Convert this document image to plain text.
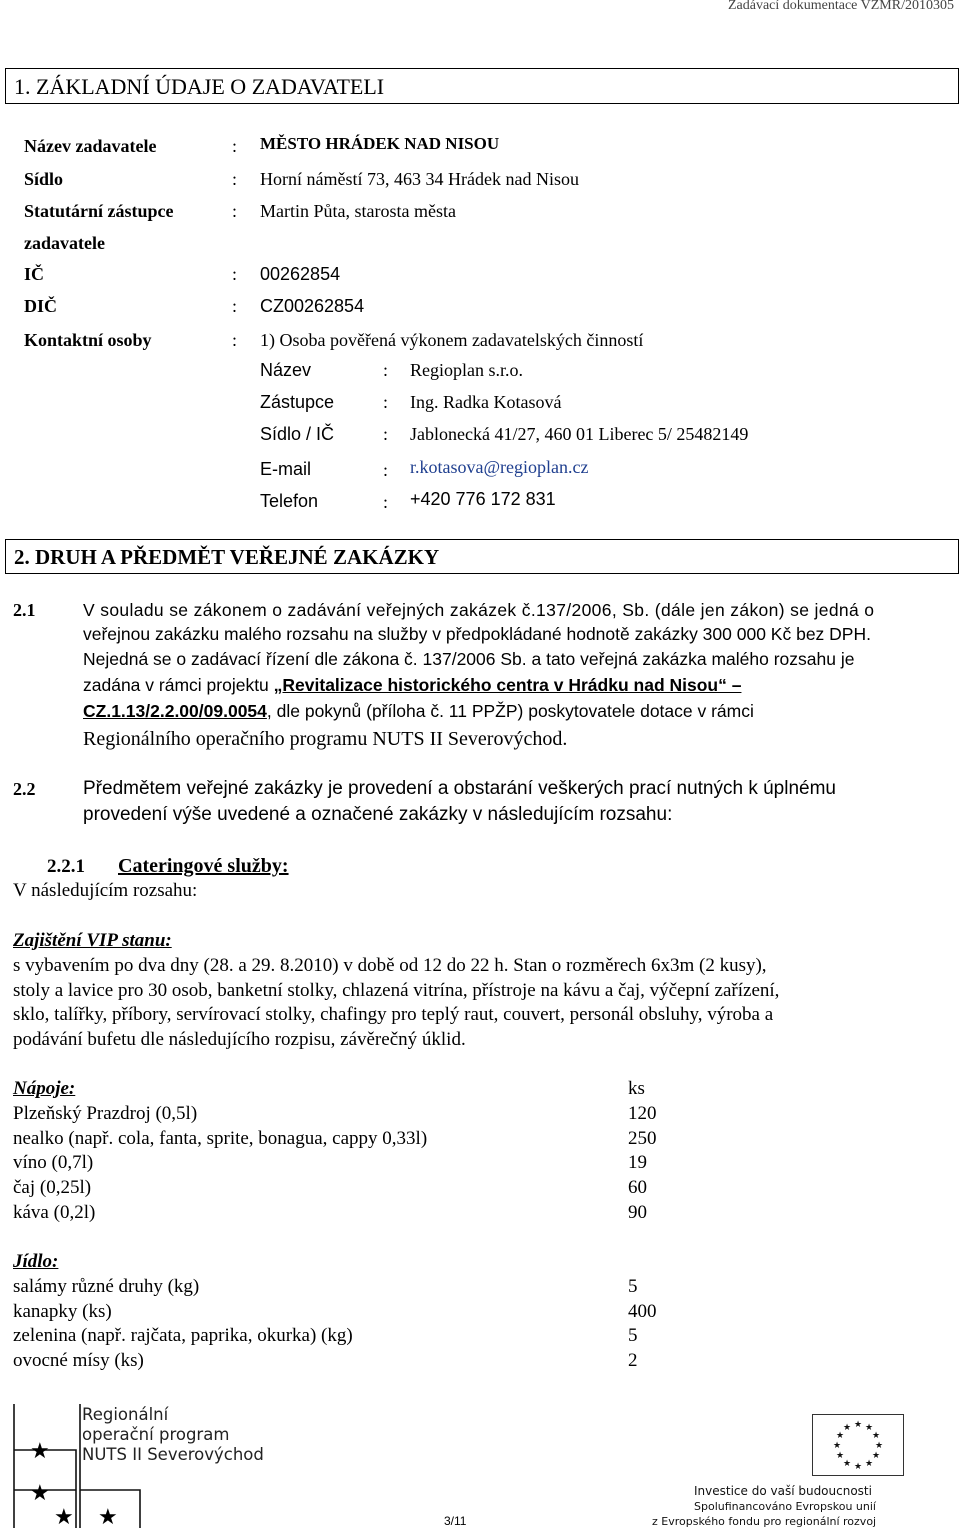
Zadávací dokumentace VZMR/2010305
1. ZÁKLADNÍ ÚDAJE O ZADAVATELI
Název zadavatele	: MĚSTO HRÁDEK NAD NISOU
Sídlo	: Horní náměstí 73, 463 34 Hrádek nad Nisou
Statutární zástupce	: Martin Půta, starosta města
zadavatele
IČ	: 00262854
DIČ	: CZ00262854
Kontaktní osoby	: 1) Osoba pověřená výkonem zadavatelských činností
Název	: Regioplan s.r.o.
Zástupce	: Ing. Radka Kotasová
Sídlo / IČ	: Jablonecká 41/27, 460 01 Liberec 5/ 25482149
E-mail	: r.kotasova@regioplan.cz
Telefon	: +420 776 172 831
2. DRUH A PŘEDMĚT VEŘEJNÉ ZAKÁZKY
2.1	V souladu se zákonem o zadávání veřejných zakázek č.137/2006, Sb. (dále jen zákon) se jedná o
veřejnou zakázku malého rozsahu na služby v předpokládané hodnotě zakázky 300 000 Kč bez DPH.
Nejedná se o zadávací řízení dle zákona č. 137/2006 Sb. a tato veřejná zakázka malého rozsahu je
zadána v rámci projektu „Revitalizace historického centra v Hrádku nad Nisou“ –
CZ.1.13/2.2.00/09.0054, dle pokynů (příloha č. 11 PPŽP) poskytovatele dotace v rámci
Regionálního operačního programu NUTS II Severovýchod.
2.2	Předmětem veřejné zakázky je provedení a obstarání veškerých prací nutných k úplnému
provedení výše uvedené a označené zakázky v následujícím rozsahu:
2.2.1 Cateringové služby:
V následujícím rozsahu:
Zajištění VIP stanu:
s vybavením po dva dny (28. a 29. 8.2010) v době od 12 do 22 h. Stan o rozměrech 6x3m (2 kusy),
stoly a lavice pro 30 osob, banketní stolky, chlazená vitrína, přístroje na kávu a čaj, výčepní zařízení,
sklo, talířky, příbory, servírovací stolky, chafingy pro teplý raut, couvert, personál obsluhy, výroba a
podávání bufetu dle následujícího rozpisu, závěrečný úklid.
Nápoje:	ks
Plzeňský Prazdroj (0,5l)	120
nealko (např. cola, fanta, sprite, bonagua, cappy 0,33l)	250
víno (0,7l)	19
čaj (0,25l)	60
káva (0,2l)	90
Jídlo:
salámy různé druhy (kg)	5
kanapky (ks)	400
zelenina (např. rajčata, paprika, okurka) (kg)	5
ovocné mísy (ks)	2
★
★
★ ★
Regionální
operační program
NUTS II Severovýchod
3/11
★ ★
★
★
★
★
★
★
★
★
★
★
Investice do vaší budoucnosti
Spolufinancováno Evropskou unií
z Evropského fondu pro regionální rozvoj
